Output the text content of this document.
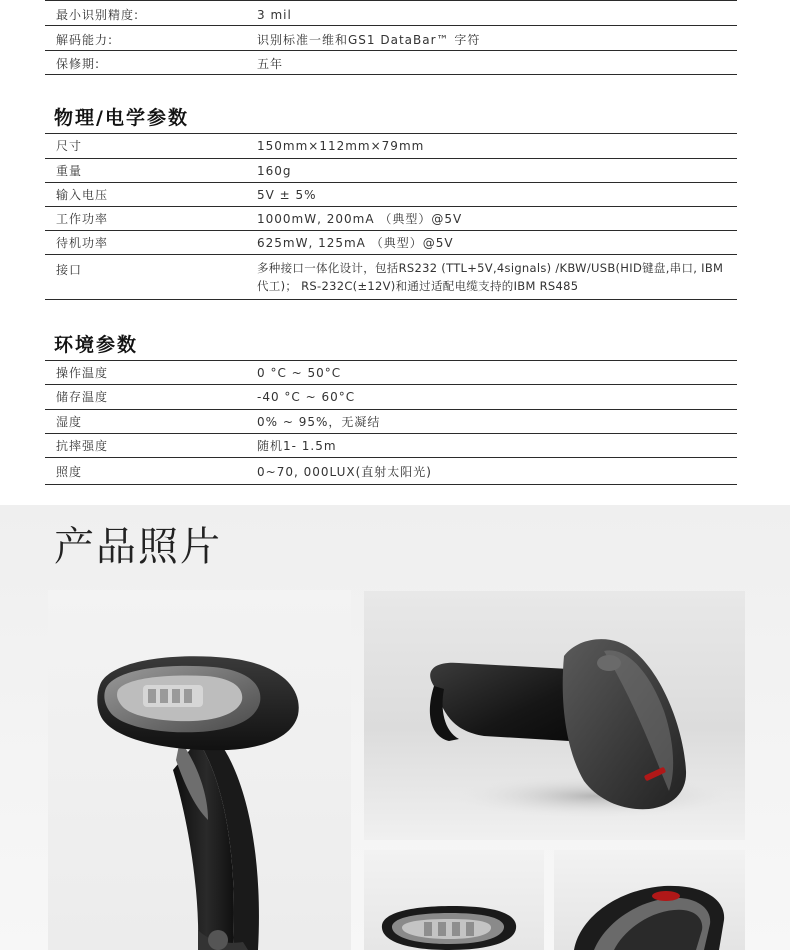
最小识别精度:	3 mil
解码能力:	识别标准一维和GS1 DataBar™ 字符
保修期:	五年
物理/电学参数
尺寸	150mm×112mm×79mm
重量	160g
输入电压	5V ± 5%
工作功率	1000mW, 200mA （典型）@5V
待机功率	625mW, 125mA （典型）@5V
接口	多种接口一体化设计，包括RS232 (TTL+5V,4signals) /KBW/USB(HID键盘,串口, IBM代工)； RS-232C(±12V)和通过适配电缆支持的IBM RS485
环境参数
操作温度	0 °C ~ 50°C
储存温度	-40 °C ~ 60°C
湿度	0% ~ 95%，无凝结
抗摔强度	随机1- 1.5m
照度	0~70, 000LUX(直射太阳光)
产品照片
